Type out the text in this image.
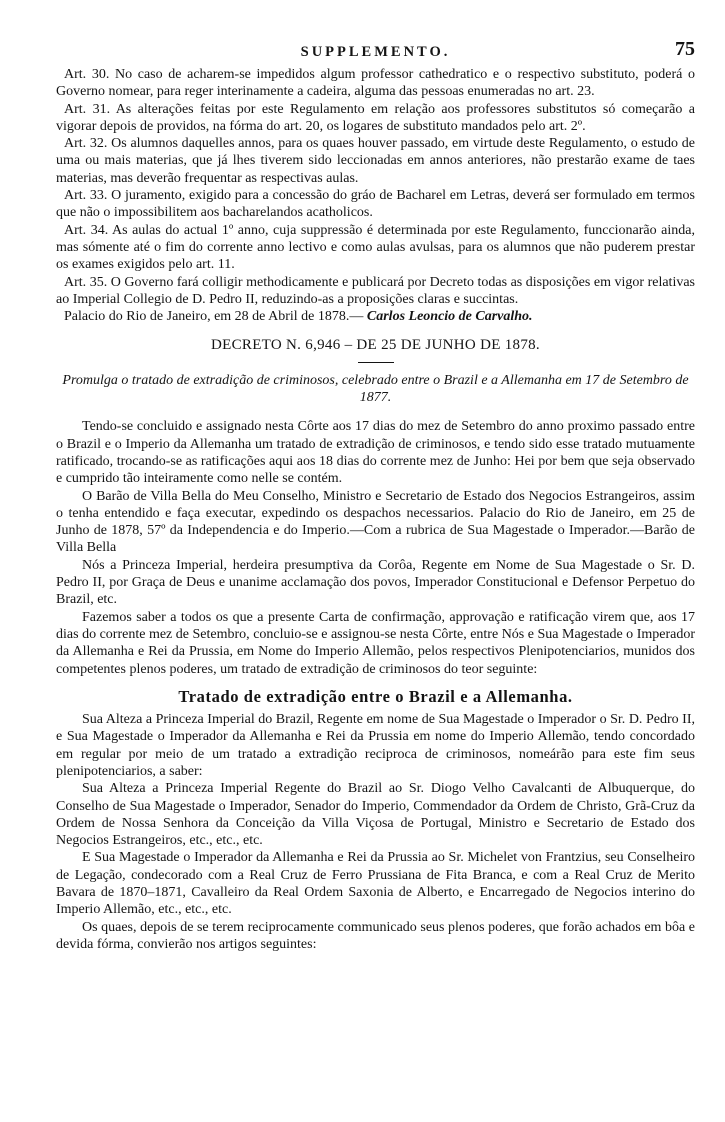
SUPPLEMENTO.	75

Art. 30. No caso de acharem-se impedidos algum professor cathedratico e o respectivo substituto, poderá o Governo nomear, para reger interinamente a cadeira, alguma das pessoas enumeradas no art. 23.

Art. 31. As alterações feitas por este Regulamento em relação aos professores substitutos só começarão a vigorar depois de providos, na fórma do art. 20, os logares de substituto mandados pelo art. 2º.

Art. 32. Os alumnos daquelles annos, para os quaes houver passado, em virtude deste Regulamento, o estudo de uma ou mais materias, que já lhes tiverem sido leccionadas em annos anteriores, não prestarão exame de taes materias, mas deverão frequentar as respectivas aulas.

Art. 33. O juramento, exigido para a concessão do gráo de Bacharel em Letras, deverá ser formulado em termos que não o impossibilitem aos bacharelandos acatholicos.

Art. 34. As aulas do actual 1º anno, cuja suppressão é determinada por este Regulamento, funccionarão ainda, mas sómente até o fim do corrente anno lectivo e como aulas avulsas, para os alumnos que não puderem prestar os exames exigidos pelo art. 11.

Art. 35. O Governo fará colligir methodicamente e publicará por Decreto todas as disposições em vigor relativas ao Imperial Collegio de D. Pedro II, reduzindo-as a proposições claras e succintas.

Palacio do Rio de Janeiro, em 28 de Abril de 1878.— Carlos Leoncio de Carvalho.

DECRETO N. 6,946 – DE 25 DE JUNHO DE 1878.
Promulga o tratado de extradição de criminosos, celebrado entre o Brazil e a Allemanha em 17 de Setembro de 1877.

Tendo-se concluido e assignado nesta Côrte aos 17 dias do mez de Setembro do anno proximo passado entre o Brazil e o Imperio da Allemanha um tratado de extradição de criminosos, e tendo sido esse tratado mutuamente ratificado, trocando-se as ratificações aqui aos 18 dias do corrente mez de Junho: Hei por bem que seja observado e cumprido tão inteiramente como nelle se contém.

O Barão de Villa Bella do Meu Conselho, Ministro e Secretario de Estado dos Negocios Estrangeiros, assim o tenha entendido e faça executar, expedindo os despachos necessarios. Palacio do Rio de Janeiro, em 25 de Junho de 1878, 57º da Independencia e do Imperio.—Com a rubrica de Sua Magestade o Imperador.—Barão de Villa Bella

Nós a Princeza Imperial, herdeira presumptiva da Corôa, Regente em Nome de Sua Magestade o Sr. D. Pedro II, por Graça de Deus e unanime acclamação dos povos, Imperador Constitucional e Defensor Perpetuo do Brazil, etc.

Fazemos saber a todos os que a presente Carta de confirmação, approvação e ratificação virem que, aos 17 dias do corrente mez de Setembro, concluio-se e assignou-se nesta Côrte, entre Nós e Sua Magestade o Imperador da Allemanha e Rei da Prussia, em Nome do Imperio Allemão, pelos respectivos Plenipotenciarios, munidos dos competentes plenos poderes, um tratado de extradição de criminosos do teor seguinte:

Tratado de extradição entre o Brazil e a Allemanha.

Sua Alteza a Princeza Imperial do Brazil, Regente em nome de Sua Magestade o Imperador o Sr. D. Pedro II, e Sua Magestade o Imperador da Allemanha e Rei da Prussia em nome do Imperio Allemão, tendo concordado em regular por meio de um tratado a extradição reciproca de criminosos, nomeárão para este fim seus plenipotenciarios, a saber:

Sua Alteza a Princeza Imperial Regente do Brazil ao Sr. Diogo Velho Cavalcanti de Albuquerque, do Conselho de Sua Magestade o Imperador, Senador do Imperio, Commendador da Ordem de Christo, Grã-Cruz da Ordem de Nossa Senhora da Conceição da Villa Viçosa de Portugal, Ministro e Secretario de Estado dos Negocios Estrangeiros, etc., etc., etc.

E Sua Magestade o Imperador da Allemanha e Rei da Prussia ao Sr. Michelet von Frantzius, seu Conselheiro de Legação, condecorado com a Real Cruz de Ferro Prussiana de Fita Branca, e com a Real Cruz de Merito Bavara de 1870–1871, Cavalleiro da Real Ordem Saxonia de Alberto, e Encarregado de Negocios interino do Imperio Allemão, etc., etc., etc.

Os quaes, depois de se terem reciprocamente communicado seus plenos poderes, que forão achados em bôa e devida fórma, convierão nos artigos seguintes:
